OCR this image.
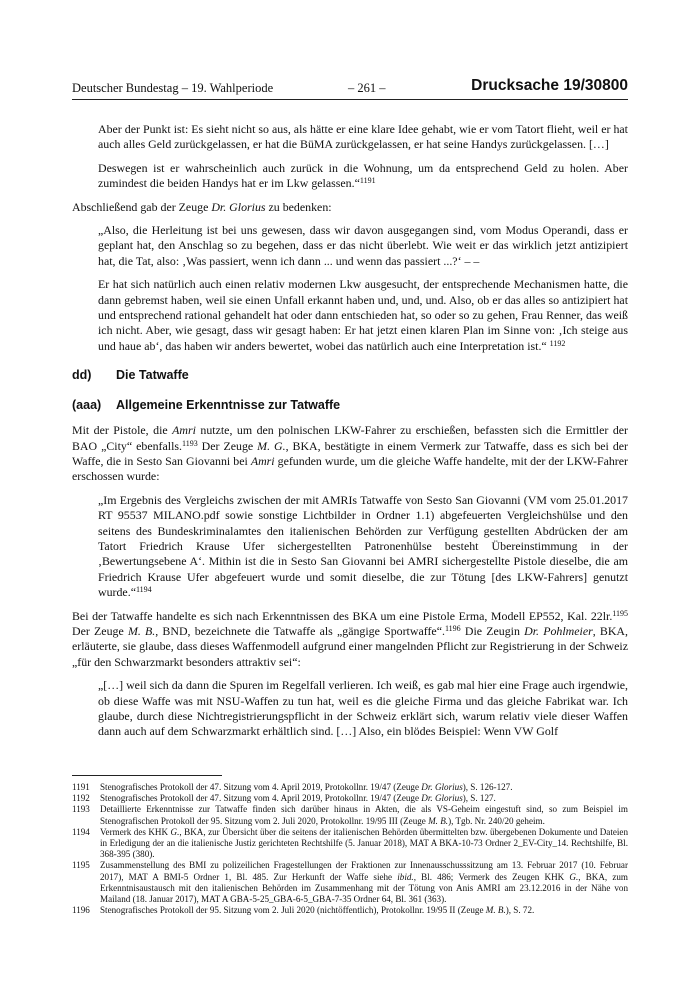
Deutscher Bundestag – 19. Wahlperiode	– 261 –	Drucksache 19/30800

Aber der Punkt ist: Es sieht nicht so aus, als hätte er eine klare Idee gehabt, wie er vom Tatort flieht, weil er hat auch alles Geld zurückgelassen, er hat die BüMA zurückgelassen, er hat seine Handys zurückgelassen. […]

Deswegen ist er wahrscheinlich auch zurück in die Wohnung, um da entsprechend Geld zu holen. Aber zumindest die beiden Handys hat er im Lkw gelassen.“$^{1191}$

Abschließend gab der Zeuge Dr. Glorius zu bedenken:

„Also, die Herleitung ist bei uns gewesen, dass wir davon ausgegangen sind, vom Modus Operandi, dass er geplant hat, den Anschlag so zu begehen, dass er das nicht überlebt. Wie weit er das wirklich jetzt antizipiert hat, die Tat, also: ‚Was passiert, wenn ich dann ... und wenn das passiert ...?‘ – –

Er hat sich natürlich auch einen relativ modernen Lkw ausgesucht, der entsprechende Mechanismen hatte, die dann gebremst haben, weil sie einen Unfall erkannt haben und, und, und. Also, ob er das alles so antizipiert hat und entsprechend rational gehandelt hat oder dann entschieden hat, so oder so zu gehen, Frau Renner, das weiß ich nicht. Aber, wie gesagt, dass wir gesagt haben: Er hat jetzt einen klaren Plan im Sinne von: ‚Ich steige aus und haue ab‘, das haben wir anders bewertet, wobei das natürlich auch eine Interpretation ist.“ $^{1192}$

dd) Die Tatwaffe
(aaa) Allgemeine Erkenntnisse zur Tatwaffe

Mit der Pistole, die Amri nutzte, um den polnischen LKW-Fahrer zu erschießen, befassten sich die Ermittler der BAO „City“ ebenfalls.$^{1193}$ Der Zeuge M. G., BKA, bestätigte in einem Vermerk zur Tatwaffe, dass es sich bei der Waffe, die in Sesto San Giovanni bei Amri gefunden wurde, um die gleiche Waffe handelte, mit der der LKW-Fahrer erschossen wurde:

„Im Ergebnis des Vergleichs zwischen der mit AMRIs Tatwaffe von Sesto San Giovanni (VM vom 25.01.2017 RT 95537 MILANO.pdf sowie sonstige Lichtbilder in Ordner 1.1) abgefeuerten Vergleichshülse und den seitens des Bundeskriminalamtes den italienischen Behörden zur Verfügung gestellten Abdrücken der am Tatort Friedrich Krause Ufer sichergestellten Patronenhülse besteht Übereinstimmung in der ‚Bewertungsebene A‘. Mithin ist die in Sesto San Giovanni bei AMRI sichergestellte Pistole dieselbe, die am Friedrich Krause Ufer abgefeuert wurde und somit dieselbe, die zur Tötung [des LKW-Fahrers] genutzt wurde.“$^{1194}$

Bei der Tatwaffe handelte es sich nach Erkenntnissen des BKA um eine Pistole Erma, Modell EP552, Kal. 22lr.$^{1195}$ Der Zeuge M. B., BND, bezeichnete die Tatwaffe als „gängige Sportwaffe“.$^{1196}$ Die Zeugin Dr. Pohlmeier, BKA, erläuterte, sie glaube, dass dieses Waffenmodell aufgrund einer mangelnden Pflicht zur Registrierung in der Schweiz „für den Schwarzmarkt besonders attraktiv sei“:

„[…] weil sich da dann die Spuren im Regelfall verlieren. Ich weiß, es gab mal hier eine Frage auch irgendwie, ob diese Waffe was mit NSU-Waffen zu tun hat, weil es die gleiche Firma und das gleiche Fabrikat war. Ich glaube, durch diese Nichtregistrierungspflicht in der Schweiz erklärt sich, warum relativ viele dieser Waffen dann auch auf dem Schwarzmarkt erhältlich sind. […] Also, ein blödes Beispiel: Wenn VW Golf

1191	Stenografisches Protokoll der 47. Sitzung vom 4. April 2019, Protokollnr. 19/47 (Zeuge Dr. Glorius), S. 126-127.
1192	Stenografisches Protokoll der 47. Sitzung vom 4. April 2019, Protokollnr. 19/47 (Zeuge Dr. Glorius), S. 127.
1193	Detaillierte Erkenntnisse zur Tatwaffe finden sich darüber hinaus in Akten, die als VS-Geheim eingestuft sind, so zum Beispiel im Stenografischen Protokoll der 95. Sitzung vom 2. Juli 2020, Protokollnr. 19/95 III (Zeuge M. B.), Tgb. Nr. 240/20 geheim.
1194	Vermerk des KHK G., BKA, zur Übersicht über die seitens der italienischen Behörden übermittelten bzw. übergebenen Dokumente und Dateien in Erledigung der an die italienische Justiz gerichteten Rechtshilfe (5. Januar 2018), MAT A BKA-10-73 Ordner 2_EV-City_14. Rechtshilfe, Bl. 368-395 (380).
1195	Zusammenstellung des BMI zu polizeilichen Fragestellungen der Fraktionen zur Innenausschusssitzung am 13. Februar 2017 (10. Februar 2017), MAT A BMI-5 Ordner 1, Bl. 485. Zur Herkunft der Waffe siehe ibid., Bl. 486; Vermerk des Zeugen KHK G., BKA, zum Erkenntnisaustausch mit den italienischen Behörden im Zusammenhang mit der Tötung von Anis AMRI am 23.12.2016 in der Nähe von Mailand (18. Januar 2017), MAT A GBA-5-25_GBA-6-5_GBA-7-35 Ordner 64, Bl. 361 (363).
1196	Stenografisches Protokoll der 95. Sitzung vom 2. Juli 2020 (nichtöffentlich), Protokollnr. 19/95 II (Zeuge M. B.), S. 72.
